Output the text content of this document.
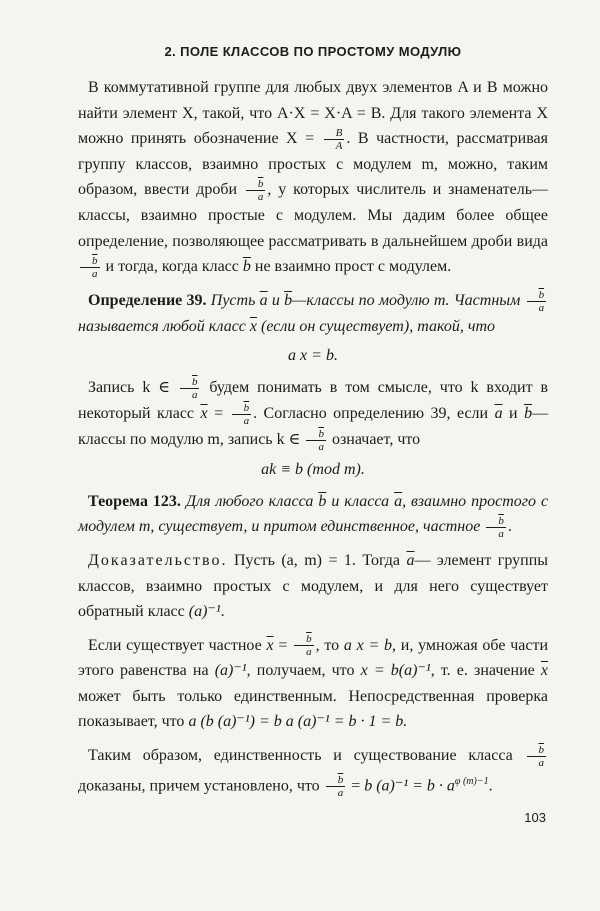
2. ПОЛЕ КЛАССОВ ПО ПРОСТОМУ МОДУЛЮ

В коммутативной группе для любых двух элементов A и B можно найти элемент X, такой, что A·X = X·A = B. Для такого элемента X можно принять обозначение $X = \frac{B}{A}$ . В частности, рассматривая группу классов, взаимно простых с модулем m, можно, таким образом, ввести дроби $\frac{\overline{b}}{a}$ , у которых числитель и знаменатель—классы, взаимно простые с модулем. Мы дадим более общее определение, позволяющее рассматривать в дальнейшем дроби вида
$\frac{\overline{b}}{a}$ и тогда, когда класс $\overline{b}$ не взаимно прост с модулем.

Определение 39. Пусть $\overline{a}$ и $\overline{b}—классы$ по модулю m. Частным $\frac{\overline{b}}{a}$
называется любой класс $\overline{x}$ (если он существует), такой, что

a x = b.

Запись k ∈ $\frac{\overline{b}}{a}$ будем понимать в том смысле, что k входит в некоторый класс $\overline{x} = \frac{\overline{b}}{a}$ . Согласно определению 39, если $\overline{a}$ и $\overline{b}—классы$ по модулю m, запись k ∈ $\frac{\overline{b}}{a}$ означает, что

ak ≡ b (mod m).

Теорема 123. Для любого класса $\overline{b}$ и класса $\overline{a}$, взаимно простого с модулем m, существует, и притом единственное, частное $\frac{\overline{b}}{a}$ .

Доказательство. Пусть (a, m) = 1. Тогда $\overline{a}—$ элемент группы классов, взаимно простых с модулем, и для него существует обратный класс (a)⁻¹.

Если существует частное $\overline{x} = \frac{\overline{b}}{a}$ , то a x = b, и, умножая обе части этого равенства на (a)⁻¹, получаем, что x = b(a)⁻¹, т. е. значение $\overline{x}$ может быть только единственным. Непосредственная проверка показывает, что a (b (a)⁻¹) = b a (a)⁻¹ = b · 1 = b.

Таким образом, единственность и существование класса $\frac{\overline{b}}{a}$
доказаны, причем установлено, что $\frac{\overline{b}}{a} = b$ $(a)^{-1} = b \cdot a^{\varphi (m)-1}$.

103
